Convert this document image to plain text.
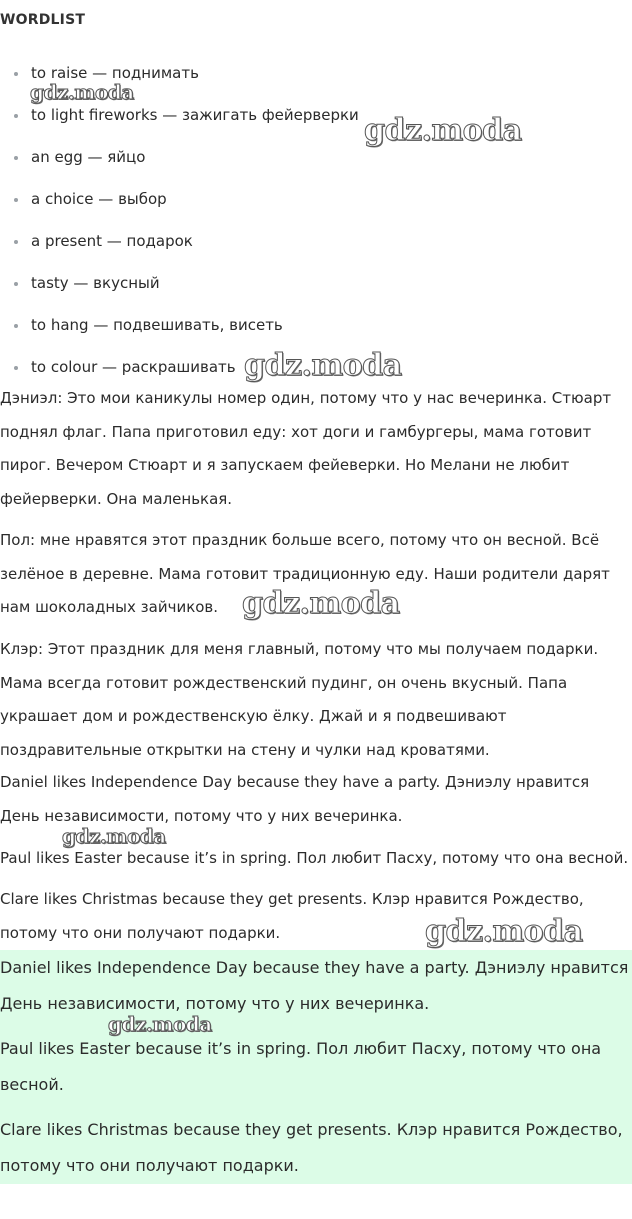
WORDLIST
to raise — поднимать
to light fireworks — зажигать фейерверки
an egg — яйцо
a choice — выбор
a present — подарок
tasty — вкусный
to hang — подвешивать, висеть
to colour — раскрашивать
Дэниэл: Это мои каникулы номер один, потому что у нас вечеринка. Стюарт поднял флаг. Папа приготовил еду: хот доги и гамбургеры, мама готовит пирог. Вечером Стюарт и я запускаем фейеверки. Но Мелани не любит фейерверки. Она маленькая.
Пол: мне нравятся этот праздник больше всего, потому что он весной. Всё зелёное в деревне. Мама готовит традиционную еду. Наши родители дарят нам шоколадных зайчиков.
Клэр: Этот праздник для меня главный, потому что мы получаем подарки. Мама всегда готовит рождественский пудинг, он очень вкусный. Папа украшает дом и рождественскую ёлку. Джай и я подвешивают поздравительные открытки на стену и чулки над кроватями.
Daniel likes Independence Day because they have a party. Дэниэлу нравится День независимости, потому что у них вечеринка.
Paul likes Easter because it’s in spring. Пол любит Пасху, потому что она весной.
Clare likes Christmas because they get presents. Клэр нравится Рождество, потому что они получают подарки.
Daniel likes Independence Day because they have a party. Дэниэлу нравится День независимости, потому что у них вечеринка.
Paul likes Easter because it’s in spring. Пол любит Пасху, потому что она весной.
Clare likes Christmas because they get presents. Клэр нравится Рождество, потому что они получают подарки.
gdz.moda
gdz.moda
gdz.moda
gdz.moda
gdz.moda
gdz.moda
gdz.moda
